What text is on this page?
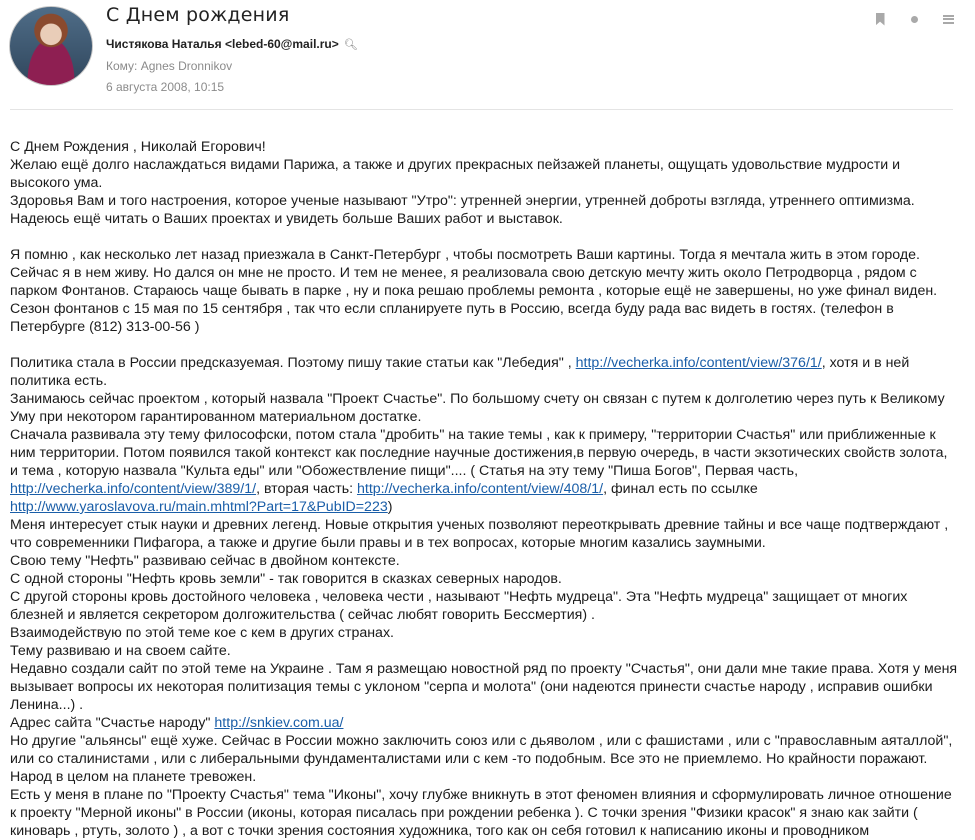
С Днем рождения
Чистякова Наталья <lebed-60@mail.ru> 🔍︎
Кому: Agnes Dronnikov
6 августа 2008, 10:15

С Днем Рождения , Николай Егорович!

Желаю ещё долго наслаждаться видами Парижа, а также и других прекрасных пейзажей планеты, ощущать удовольствие мудрости и высокого ума.

Здоровья Вам и того настроения, которое ученые называют "Утро": утренней энергии, утренней доброты взгляда, утреннего оптимизма.

Надеюсь ещё читать о Ваших проектах и увидеть больше Ваших работ и выставок.

Я помню , как несколько лет назад приезжала в Санкт-Петербург , чтобы посмотреть Ваши картины. Тогда я мечтала жить в этом городе. Сейчас я в нем живу. Но дался он мне не просто. И тем не менее, я реализовала свою детскую мечту жить около Петродворца , рядом с парком Фонтанов. Стараюсь чаще бывать в парке , ну и пока решаю проблемы ремонта , которые ещё не завершены, но уже финал виден. Сезон фонтанов с 15 мая по 15 сентября , так что если спланируете путь в Россию, всегда буду рада вас видеть в гостях. (телефон в Петербурге (812) 313-00-56 )

Политика стала в России предсказуемая. Поэтому пишу такие статьи как "Лебедия" , http://vecherka.info/content/view/376/1/, хотя и в ней политика есть.

Занимаюсь сейчас проектом , который назвала "Проект Счастье". По большому счету он связан с путем к долголетию через путь к Великому Уму при некотором гарантированном материальном достатке.

Сначала развивала эту тему философски, потом стала "дробить" на такие темы , как к примеру, "территории Счастья" или приближенные к ним территории. Потом появился такой контекст как последние научные достижения,в первую очередь, в части экзотических свойств золота, и тема , которую назвала "Культа еды" или "Обожествление пищи".... ( Статья на эту тему "Пиша Богов", Первая часть, http://vecherka.info/content/view/389/1/, вторая часть: http://vecherka.info/content/view/408/1/, финал есть по ссылке http://www.yaroslavova.ru/main.mhtml?Part=17&PubID=223)

Меня интересует стык науки и древних легенд. Новые открытия ученых позволяют переоткрывать древние тайны и все чаще подтверждают , что современники Пифагора, а также и другие были правы и в тех вопросах, которые многим казались заумными.

Свою тему "Нефть" развиваю сейчас в двойном контексте.

С одной стороны "Нефть кровь земли" - так говорится в сказках северных народов.

С другой стороны кровь достойного человека , человека чести , называют "Нефть мудреца". Эта "Нефть мудреца" защищает от многих блезней и является секретором долгожительства ( сейчас любят говорить Бессмертия) .

Взаимодействую по этой теме кое с кем в других странах.

Тему развиваю и на своем сайте.

Недавно создали сайт по этой теме на Украине . Там я размещаю новостной ряд по проекту "Счастья", они дали мне такие права. Хотя у меня вызывает вопросы их некоторая политизация темы с уклоном "серпа и молота" (они надеются принести счастье народу , исправив ошибки Ленина...) .

Адрес сайта "Счастье народу" http://snkiev.com.ua/

Но другие "альянсы" ещё хуже. Сейчас в России можно заключить союз или с дьяволом , или с фашистами , или с "православным аяталлой", или со сталинистами , или с либеральными фундаменталистами или с кем -то подобным. Все это не приемлемо. Но крайности поражают. Народ в целом на планете тревожен.

Есть у меня в плане по "Проекту Счастья" тема "Иконы", хочу глубже вникнуть в этот феномен влияния и сформулировать личное отношение к проекту "Мерной иконы" в России (иконы, которая писалась при рождении ребенка ). С точки зрения "Физики красок" я знаю как зайти ( киноварь , ртуть, золото ) , а вот с точки зрения состояния художника, того как он себя готовил к написанию иконы и проводником
